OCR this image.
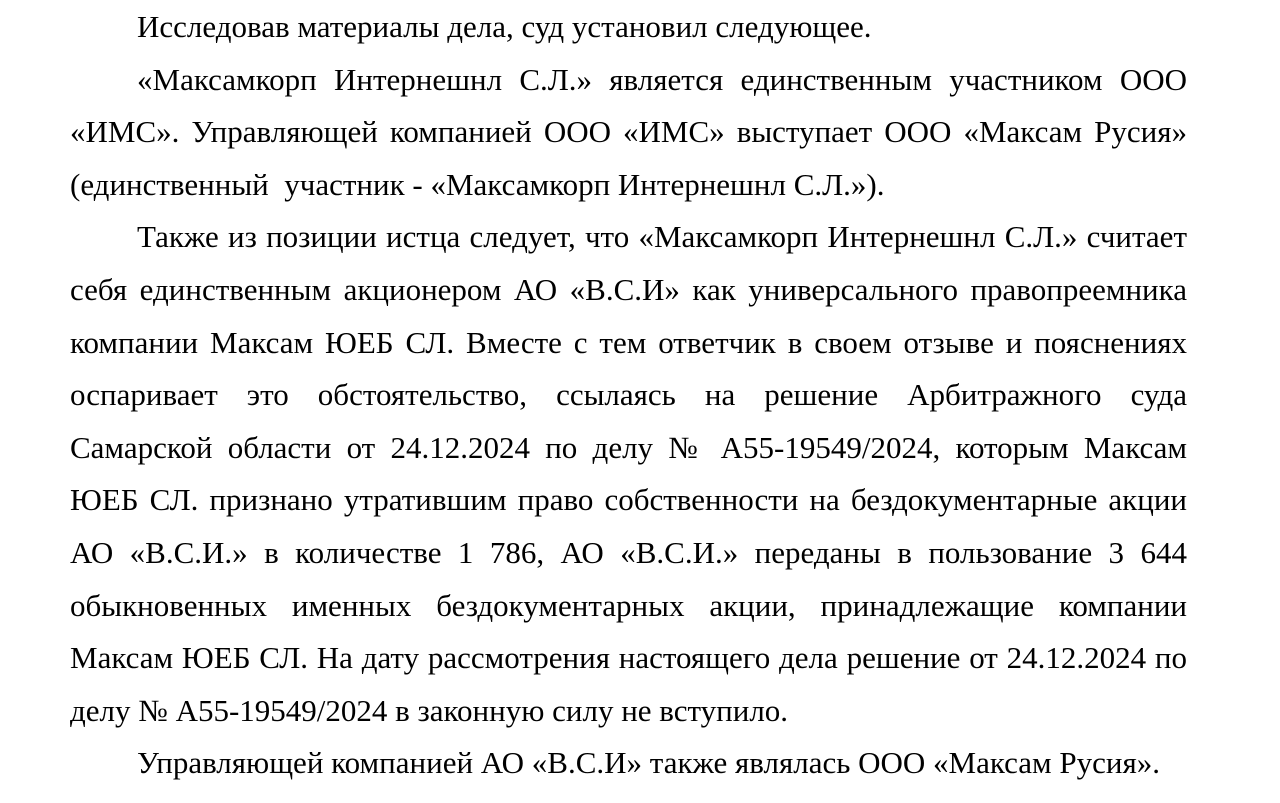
Исследовав материалы дела, суд установил следующее.

«Максамкорп Интернешнл С.Л.» является единственным участником ООО
«ИМС». Управляющей компанией ООО «ИМС» выступает ООО «Максам Русия»
(единственный  участник - «Максамкорп Интернешнл С.Л.»).

Также из позиции истца следует, что «Максамкорп Интернешнл С.Л.» считает
себя единственным акционером АО «В.С.И» как универсального правопреемника
компании Максам ЮЕБ СЛ. Вместе с тем ответчик в своем отзыве и пояснениях
оспаривает это обстоятельство, ссылаясь на решение Арбитражного суда
Самарской области от 24.12.2024 по делу № А55-19549/2024, которым Максам
ЮЕБ СЛ. признано утратившим право собственности на бездокументарные акции
АО «В.С.И.» в количестве 1 786, АО «В.С.И.» переданы в пользование 3 644
обыкновенных именных бездокументарных акции, принадлежащие компании
Максам ЮЕБ СЛ. На дату рассмотрения настоящего дела решение от 24.12.2024 по
делу № А55-19549/2024 в законную силу не вступило.

Управляющей компанией АО «В.С.И» также являлась ООО «Максам Русия».
